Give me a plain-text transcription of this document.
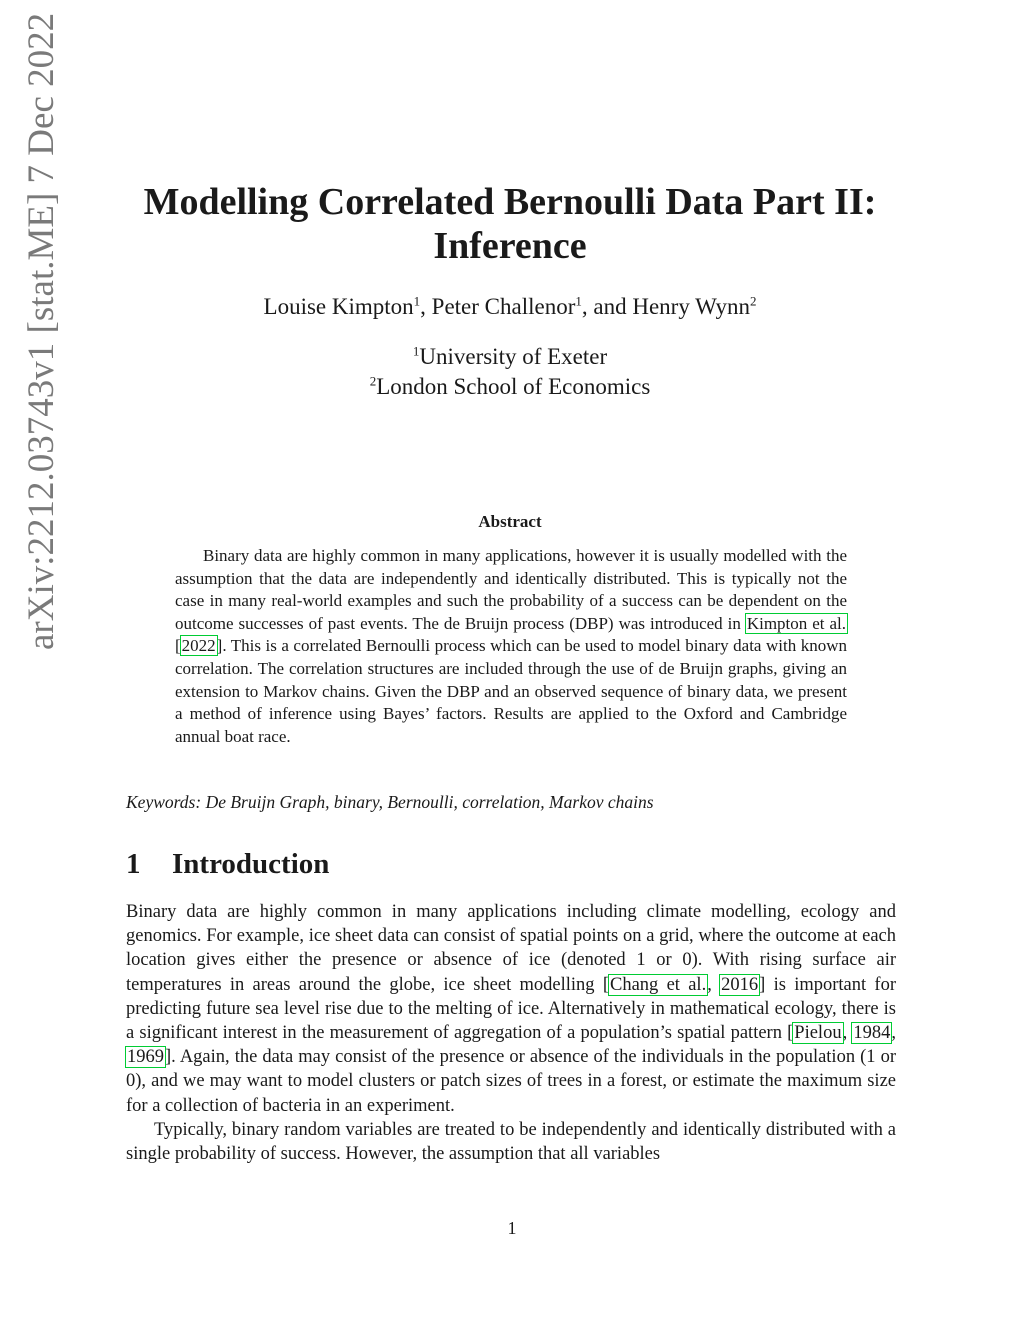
arXiv:2212.03743v1 [stat.ME] 7 Dec 2022	Modelling Correlated Bernoulli Data Part II:
Inference
Louise Kimpton$^1$, Peter Challenor$^1$, and Henry Wynn$^2$
$^1$University of Exeter
$^2$London School of Economics
Abstract
Binary data are highly common in many applications, however it is usually modelled with the assumption that the data are independently and identically distributed. This is typically not the case in many real-world examples and such the probability of a success can be dependent on the outcome successes of past events. The de Bruijn process (DBP) was introduced in Kimpton et al. [2022]. This is a correlated Bernoulli process which can be used to model binary data with known correlation. The correlation structures are included through the use of de Bruijn graphs, giving an extension to Markov chains. Given the DBP and an observed sequence of binary data, we present a method of inference using Bayes’ factors. Results are applied to the Oxford and Cambridge annual boat race.
Keywords: De Bruijn Graph, binary, Bernoulli, correlation, Markov chains
1 Introduction

Binary data are highly common in many applications including climate modelling, ecology and genomics. For example, ice sheet data can consist of spatial points on a grid, where the outcome at each location gives either the presence or absence of ice (denoted 1 or 0). With rising surface air temperatures in areas around the globe, ice sheet modelling [Chang et al., 2016] is important for predicting future sea level rise due to the melting of ice. Alternatively in mathematical ecology, there is a significant interest in the measurement of aggregation of a population’s spatial pattern [Pielou, 1984, 1969]. Again, the data may consist of the presence or absence of the individuals in the population (1 or 0), and we may want to model clusters or patch sizes of trees in a forest, or estimate the maximum size for a collection of bacteria in an experiment.

Typically, binary random variables are treated to be independently and identically distributed with a single probability of success. However, the assumption that all variables

1
